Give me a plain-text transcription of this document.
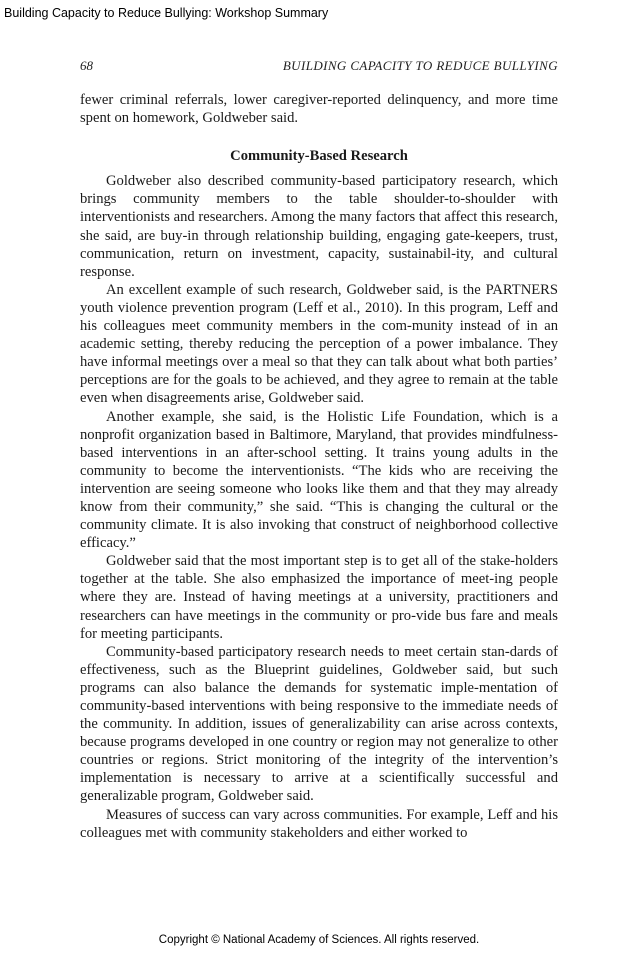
Building Capacity to Reduce Bullying: Workshop Summary
68	BUILDING CAPACITY TO REDUCE BULLYING

fewer criminal referrals, lower caregiver-reported delinquency, and more time spent on homework, Goldweber said.

Community-Based Research

Goldweber also described community-based participatory research, which brings community members to the table shoulder-to-shoulder with interventionists and researchers. Among the many factors that affect this research, she said, are buy-in through relationship building, engaging gate-keepers, trust, communication, return on investment, capacity, sustainabil-ity, and cultural response.

An excellent example of such research, Goldweber said, is the PARTNERS youth violence prevention program (Leff et al., 2010). In this program, Leff and his colleagues meet community members in the com-munity instead of in an academic setting, thereby reducing the perception of a power imbalance. They have informal meetings over a meal so that they can talk about what both parties’ perceptions are for the goals to be achieved, and they agree to remain at the table even when disagreements arise, Goldweber said.

Another example, she said, is the Holistic Life Foundation, which is a nonprofit organization based in Baltimore, Maryland, that provides mindfulness-based interventions in an after-school setting. It trains young adults in the community to become the interventionists. “The kids who are receiving the intervention are seeing someone who looks like them and that they may already know from their community,” she said. “This is changing the cultural or the community climate. It is also invoking that construct of neighborhood collective efficacy.”

Goldweber said that the most important step is to get all of the stake-holders together at the table. She also emphasized the importance of meet-ing people where they are. Instead of having meetings at a university, practitioners and researchers can have meetings in the community or pro-vide bus fare and meals for meeting participants.

Community-based participatory research needs to meet certain stan-dards of effectiveness, such as the Blueprint guidelines, Goldweber said, but such programs can also balance the demands for systematic imple-mentation of community-based interventions with being responsive to the immediate needs of the community. In addition, issues of generalizability can arise across contexts, because programs developed in one country or region may not generalize to other countries or regions. Strict monitoring of the integrity of the intervention’s implementation is necessary to arrive at a scientifically successful and generalizable program, Goldweber said.

Measures of success can vary across communities. For example, Leff and his colleagues met with community stakeholders and either worked to

Copyright © National Academy of Sciences. All rights reserved.
